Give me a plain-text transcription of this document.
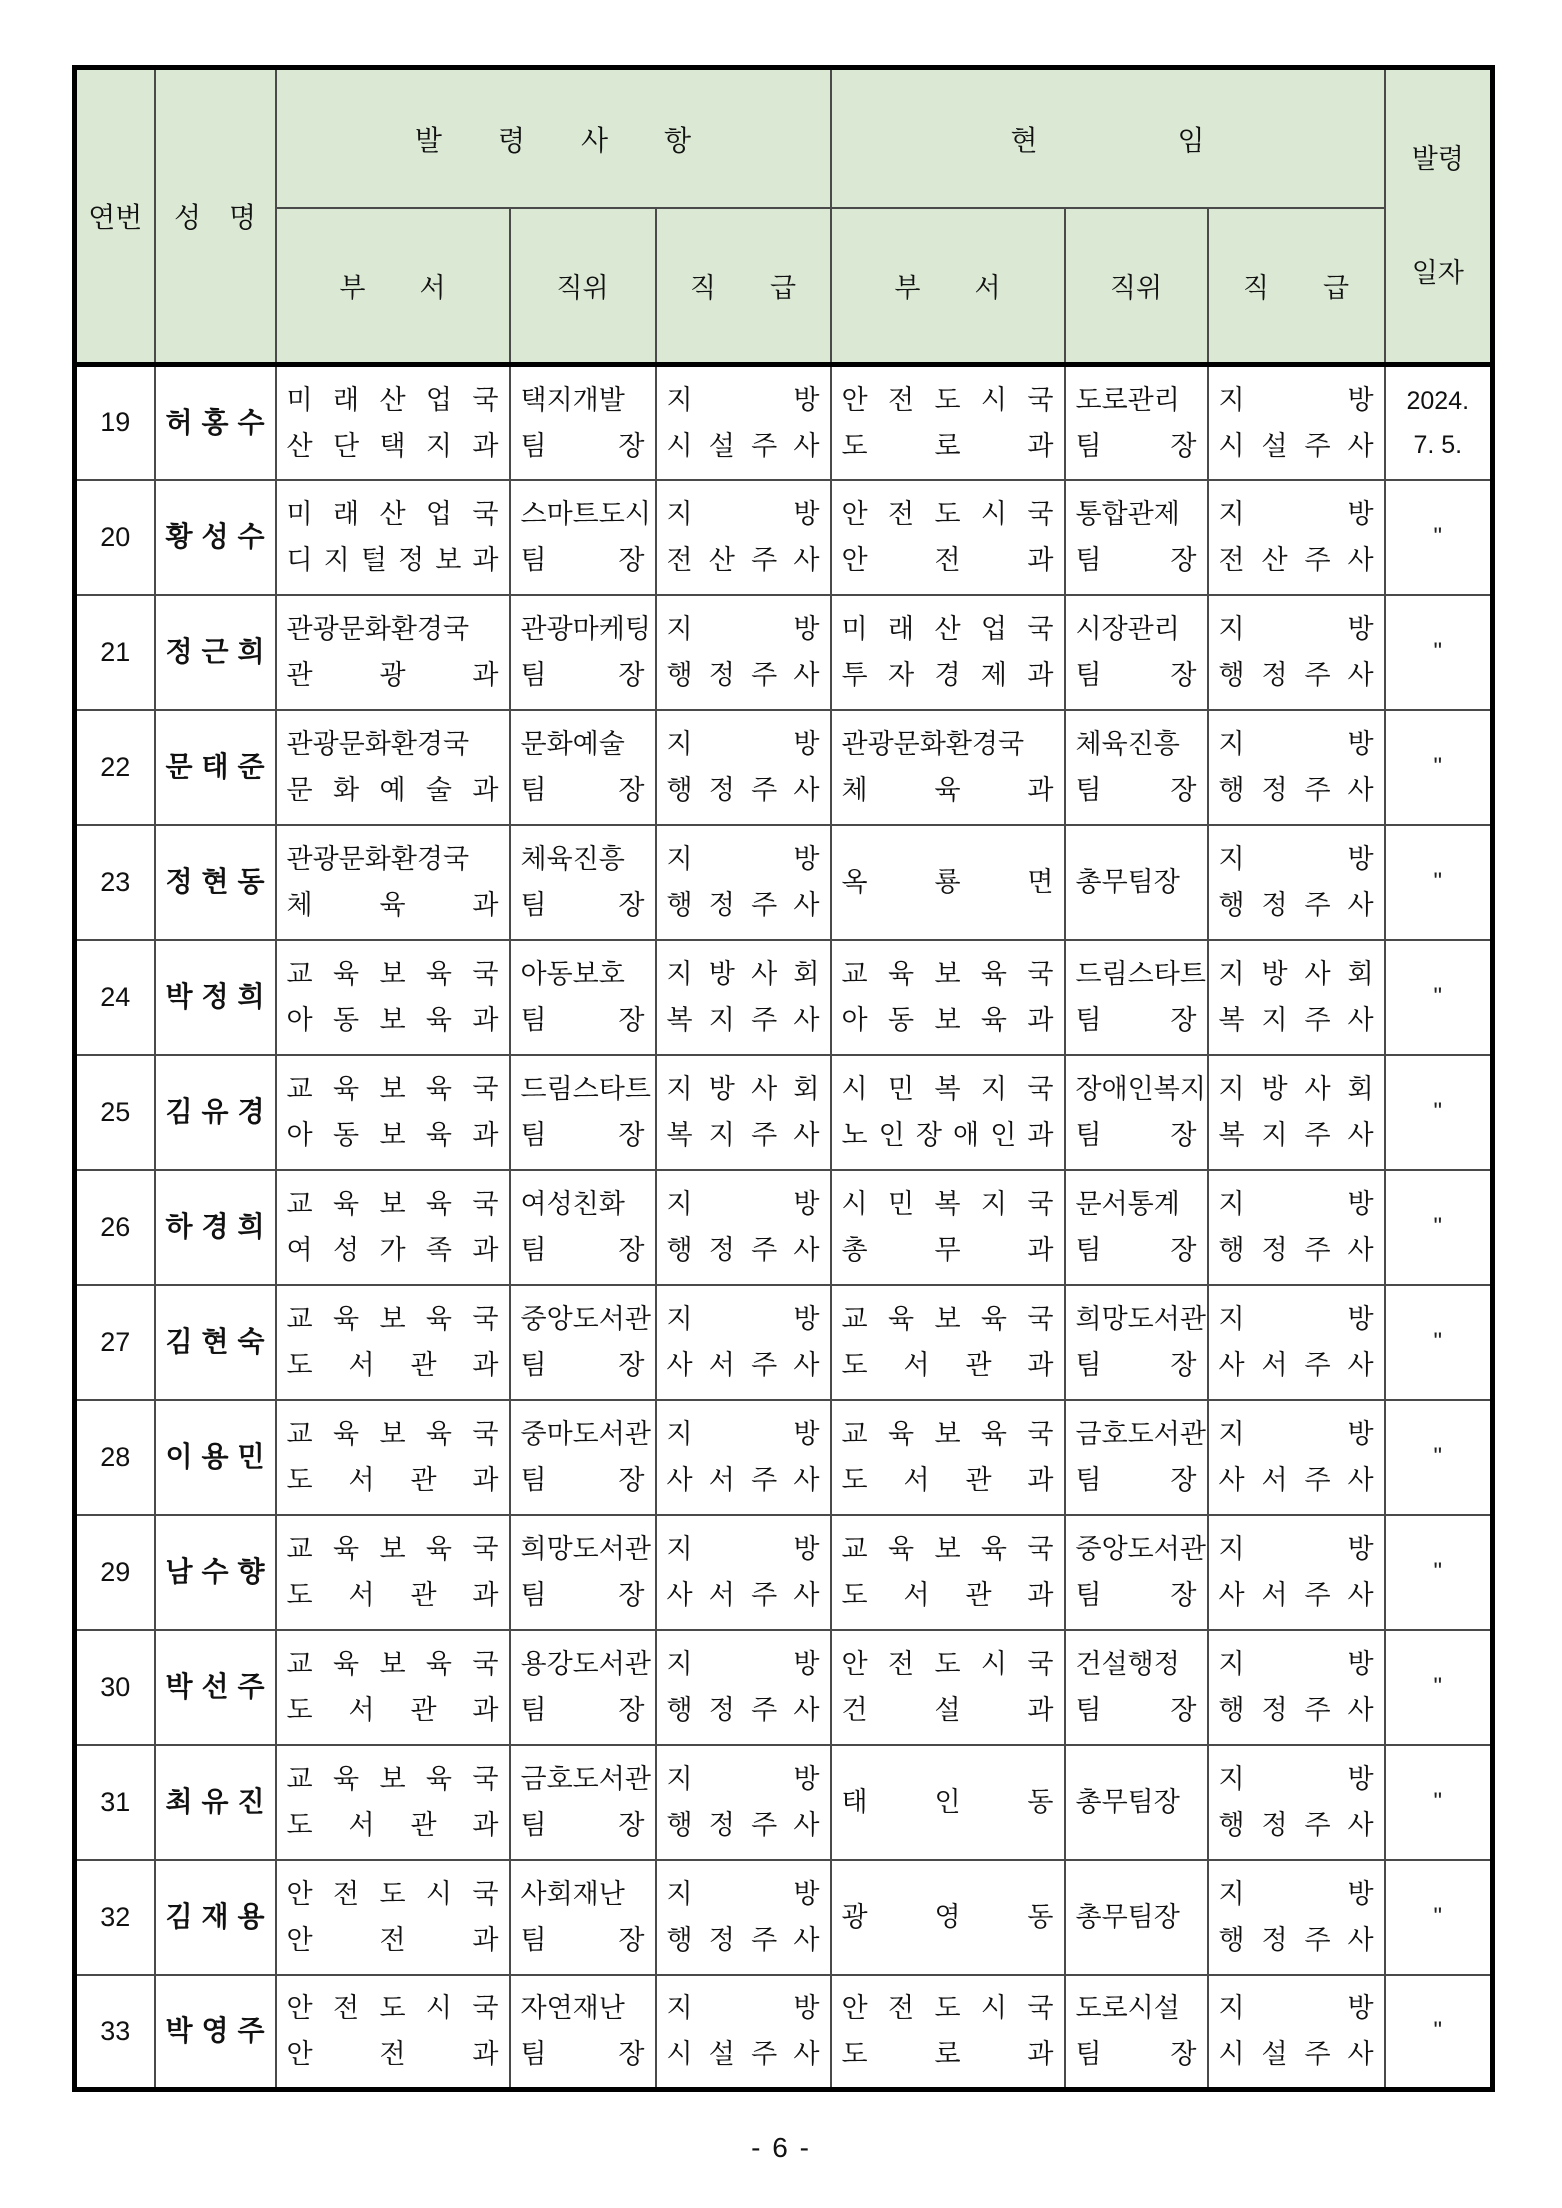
연번	성 명	발  령  사  항			현     임			발령

일자

		부  서	직위	직  급	부  서	직위	직  급	

19	허 홍 수

미 래 산 업 국
산 단 택 지 과

택지개발
팀 장

지 방
시 설 주 사

안 전 도 시 국
도 로 과

도로관리
팀 장

지 방
시 설 주 사

2024.
7. 5.

20	황 성 수

미 래 산 업 국
디 지 털 정 보 과

스마트도시
팀 장

지 방
전 산 주 사

안 전 도 시 국
안 전 과

통합관제
팀 장

지 방
전 산 주 사

"

21	정 근 희

관광문화환경국
관 광 과

관광마케팅
팀 장

지 방
행 정 주 사

미 래 산 업 국
투 자 경 제 과

시장관리
팀 장

지 방
행 정 주 사

"

22	문 태 준

관광문화환경국
문 화 예 술 과

문화예술
팀 장

지 방
행 정 주 사

관광문화환경국
체 육 과

체육진흥
팀 장

지 방
행 정 주 사

"

23	정 현 동

관광문화환경국
체 육 과

체육진흥
팀 장

지 방
행 정 주 사

옥 룡 면	총무팀장

지 방
행 정 주 사

"

24	박 정 희

교 육 보 육 국
아 동 보 육 과

아동보호
팀 장

지 방 사 회
복 지 주 사

교 육 보 육 국
아 동 보 육 과

드림스타트
팀 장

지 방 사 회
복 지 주 사

"

25	김 유 경

교 육 보 육 국
아 동 보 육 과

드림스타트
팀 장

지 방 사 회
복 지 주 사

시 민 복 지 국
노 인 장 애 인 과

장애인복지
팀 장

지 방 사 회
복 지 주 사

"

26	하 경 희

교 육 보 육 국
여 성 가 족 과

여성친화
팀 장

지 방
행 정 주 사

시 민 복 지 국
총 무 과

문서통계
팀 장

지 방
행 정 주 사

"

27	김 현 숙

교 육 보 육 국
도 서 관 과

중앙도서관
팀 장

지 방
사 서 주 사

교 육 보 육 국
도 서 관 과

희망도서관
팀 장

지 방
사 서 주 사

"

28	이 용 민

교 육 보 육 국
도 서 관 과

중마도서관
팀 장

지 방
사 서 주 사

교 육 보 육 국
도 서 관 과

금호도서관
팀 장

지 방
사 서 주 사

"

29	남 수 향

교 육 보 육 국
도 서 관 과

희망도서관
팀 장

지 방
사 서 주 사

교 육 보 육 국
도 서 관 과

중앙도서관
팀 장

지 방
사 서 주 사

"

30	박 선 주

교 육 보 육 국
도 서 관 과

용강도서관
팀 장

지 방
행 정 주 사

안 전 도 시 국
건 설 과

건설행정
팀 장

지 방
행 정 주 사

"

31	최 유 진

교 육 보 육 국
도 서 관 과

금호도서관
팀 장

지 방
행 정 주 사

태 인 동	총무팀장

지 방
행 정 주 사

"

32	김 재 용

안 전 도 시 국
안 전 과

사회재난
팀 장

지 방
행 정 주 사

광 영 동	총무팀장

지 방
행 정 주 사

"

33	박 영 주

안 전 도 시 국
안 전 과

자연재난
팀 장

지 방
시 설 주 사

안 전 도 시 국
도 로 과

도로시설
팀 장

지 방
시 설 주 사

"
- 6 -
